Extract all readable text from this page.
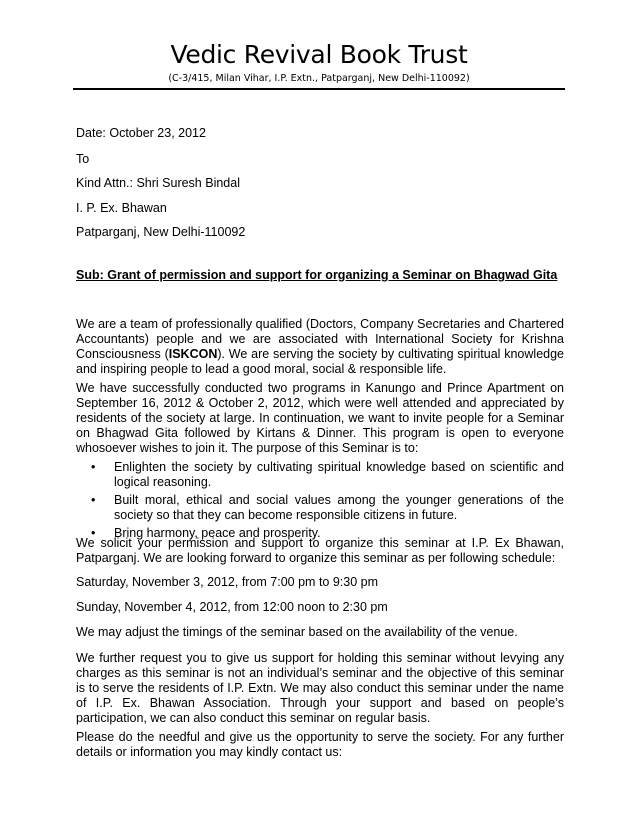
Vedic Revival Book Trust
(C-3/415, Milan Vihar, I.P. Extn., Patparganj, New Delhi-110092)

Date: October 23, 2012

To

Kind Attn.: Shri Suresh Bindal

I. P. Ex. Bhawan

Patparganj, New Delhi-110092

Sub: Grant of permission and support for organizing a Seminar on Bhagwad Gita

We are a team of professionally qualified (Doctors, Company Secretaries and Chartered Accountants) people and we are associated with International Society for Krishna Consciousness (ISKCON). We are serving the society by cultivating spiritual knowledge and inspiring people to lead a good moral, social & responsible life.

We have successfully conducted two programs in Kanungo and Prince Apartment on September 16, 2012 & October 2, 2012, which were well attended and appreciated by residents of the society at large. In continuation, we want to invite people for a Seminar on Bhagwad Gita followed by Kirtans & Dinner. This program is open to everyone whosoever wishes to join it. The purpose of this Seminar is to:

• Enlighten the society by cultivating spiritual knowledge based on scientific and logical reasoning.
• Built moral, ethical and social values among the younger generations of the society so that they can become responsible citizens in future.
• Bring harmony, peace and prosperity.

We solicit your permission and support to organize this seminar at I.P. Ex Bhawan, Patparganj. We are looking forward to organize this seminar as per following schedule:

Saturday, November 3, 2012, from 7:00 pm to 9:30 pm

Sunday, November 4, 2012, from 12:00 noon to 2:30 pm

We may adjust the timings of the seminar based on the availability of the venue.

We further request you to give us support for holding this seminar without levying any charges as this seminar is not an individual’s seminar and the objective of this seminar is to serve the residents of I.P. Extn. We may also conduct this seminar under the name of I.P. Ex. Bhawan Association. Through your support and based on people’s participation, we can also conduct this seminar on regular basis.

Please do the needful and give us the opportunity to serve the society. For any further details or information you may kindly contact us:
